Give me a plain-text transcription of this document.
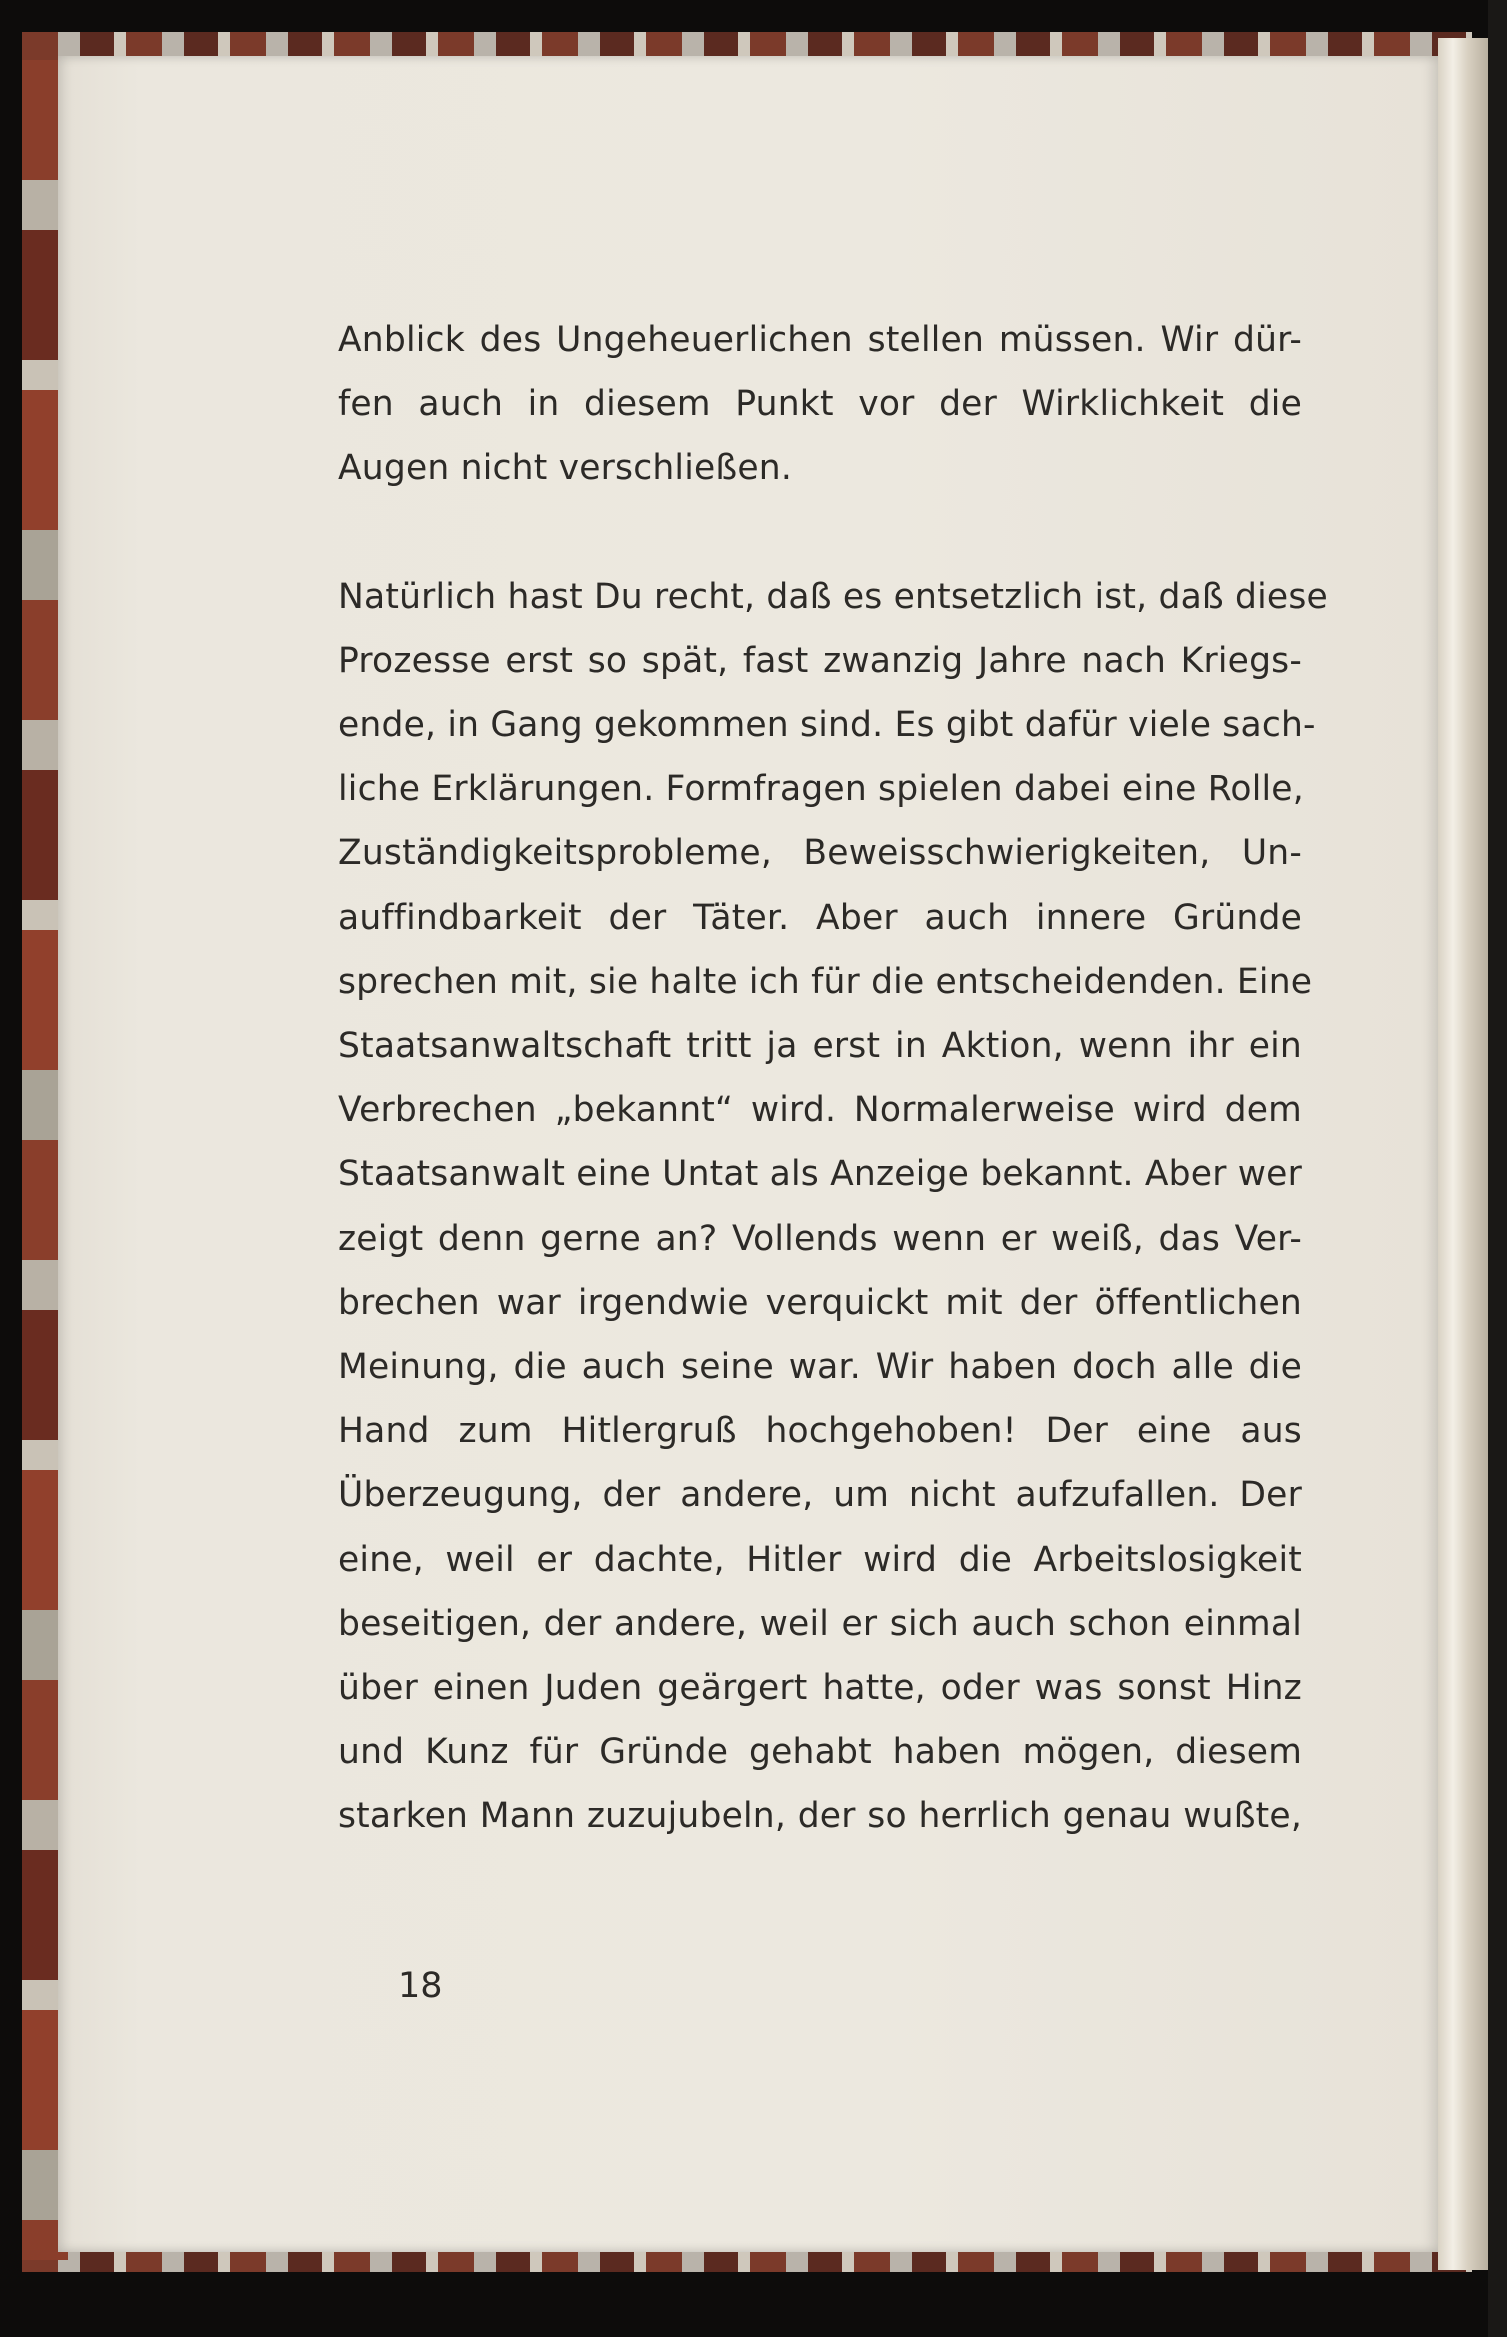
Anblick des Ungeheuerlichen stellen müssen. Wir dür-
fen auch in diesem Punkt vor der Wirklichkeit die
Augen nicht verschließen.

Natürlich hast Du recht, daß es entsetzlich ist, daß diese
Prozesse erst so spät, fast zwanzig Jahre nach Kriegs-
ende, in Gang gekommen sind. Es gibt dafür viele sach-
liche Erklärungen. Formfragen spielen dabei eine Rolle,
Zuständigkeitsprobleme, Beweisschwierigkeiten, Un-
auffindbarkeit der Täter. Aber auch innere Gründe
sprechen mit, sie halte ich für die entscheidenden. Eine
Staatsanwaltschaft tritt ja erst in Aktion, wenn ihr ein
Verbrechen „bekannt“ wird. Normalerweise wird dem
Staatsanwalt eine Untat als Anzeige bekannt. Aber wer
zeigt denn gerne an? Vollends wenn er weiß, das Ver-
brechen war irgendwie verquickt mit der öffentlichen
Meinung, die auch seine war. Wir haben doch alle die
Hand zum Hitlergruß hochgehoben! Der eine aus
Überzeugung, der andere, um nicht aufzufallen. Der
eine, weil er dachte, Hitler wird die Arbeitslosigkeit
beseitigen, der andere, weil er sich auch schon einmal
über einen Juden geärgert hatte, oder was sonst Hinz
und Kunz für Gründe gehabt haben mögen, diesem
starken Mann zuzujubeln, der so herrlich genau wußte,

18
